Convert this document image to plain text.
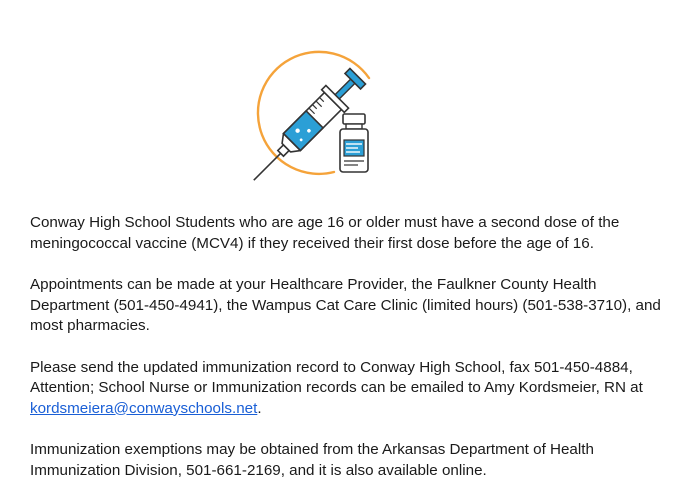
Conway High School Students who are age 16 or older must have a second dose of the meningococcal vaccine (MCV4) if they received their first dose before the age of 16.

Appointments can be made at your Healthcare Provider, the Faulkner County Health Department (501-450-4941), the Wampus Cat Care Clinic (limited hours) (501-538-3710), and most pharmacies.

Please send the updated immunization record to Conway High School, fax 501-450-4884, Attention; School Nurse or Immunization records can be emailed to Amy Kordsmeier, RN at kordsmeiera@conwayschools.net.

Immunization exemptions may be obtained from the Arkansas Department of Health Immunization Division, 501-661-2169, and it is also available online.
